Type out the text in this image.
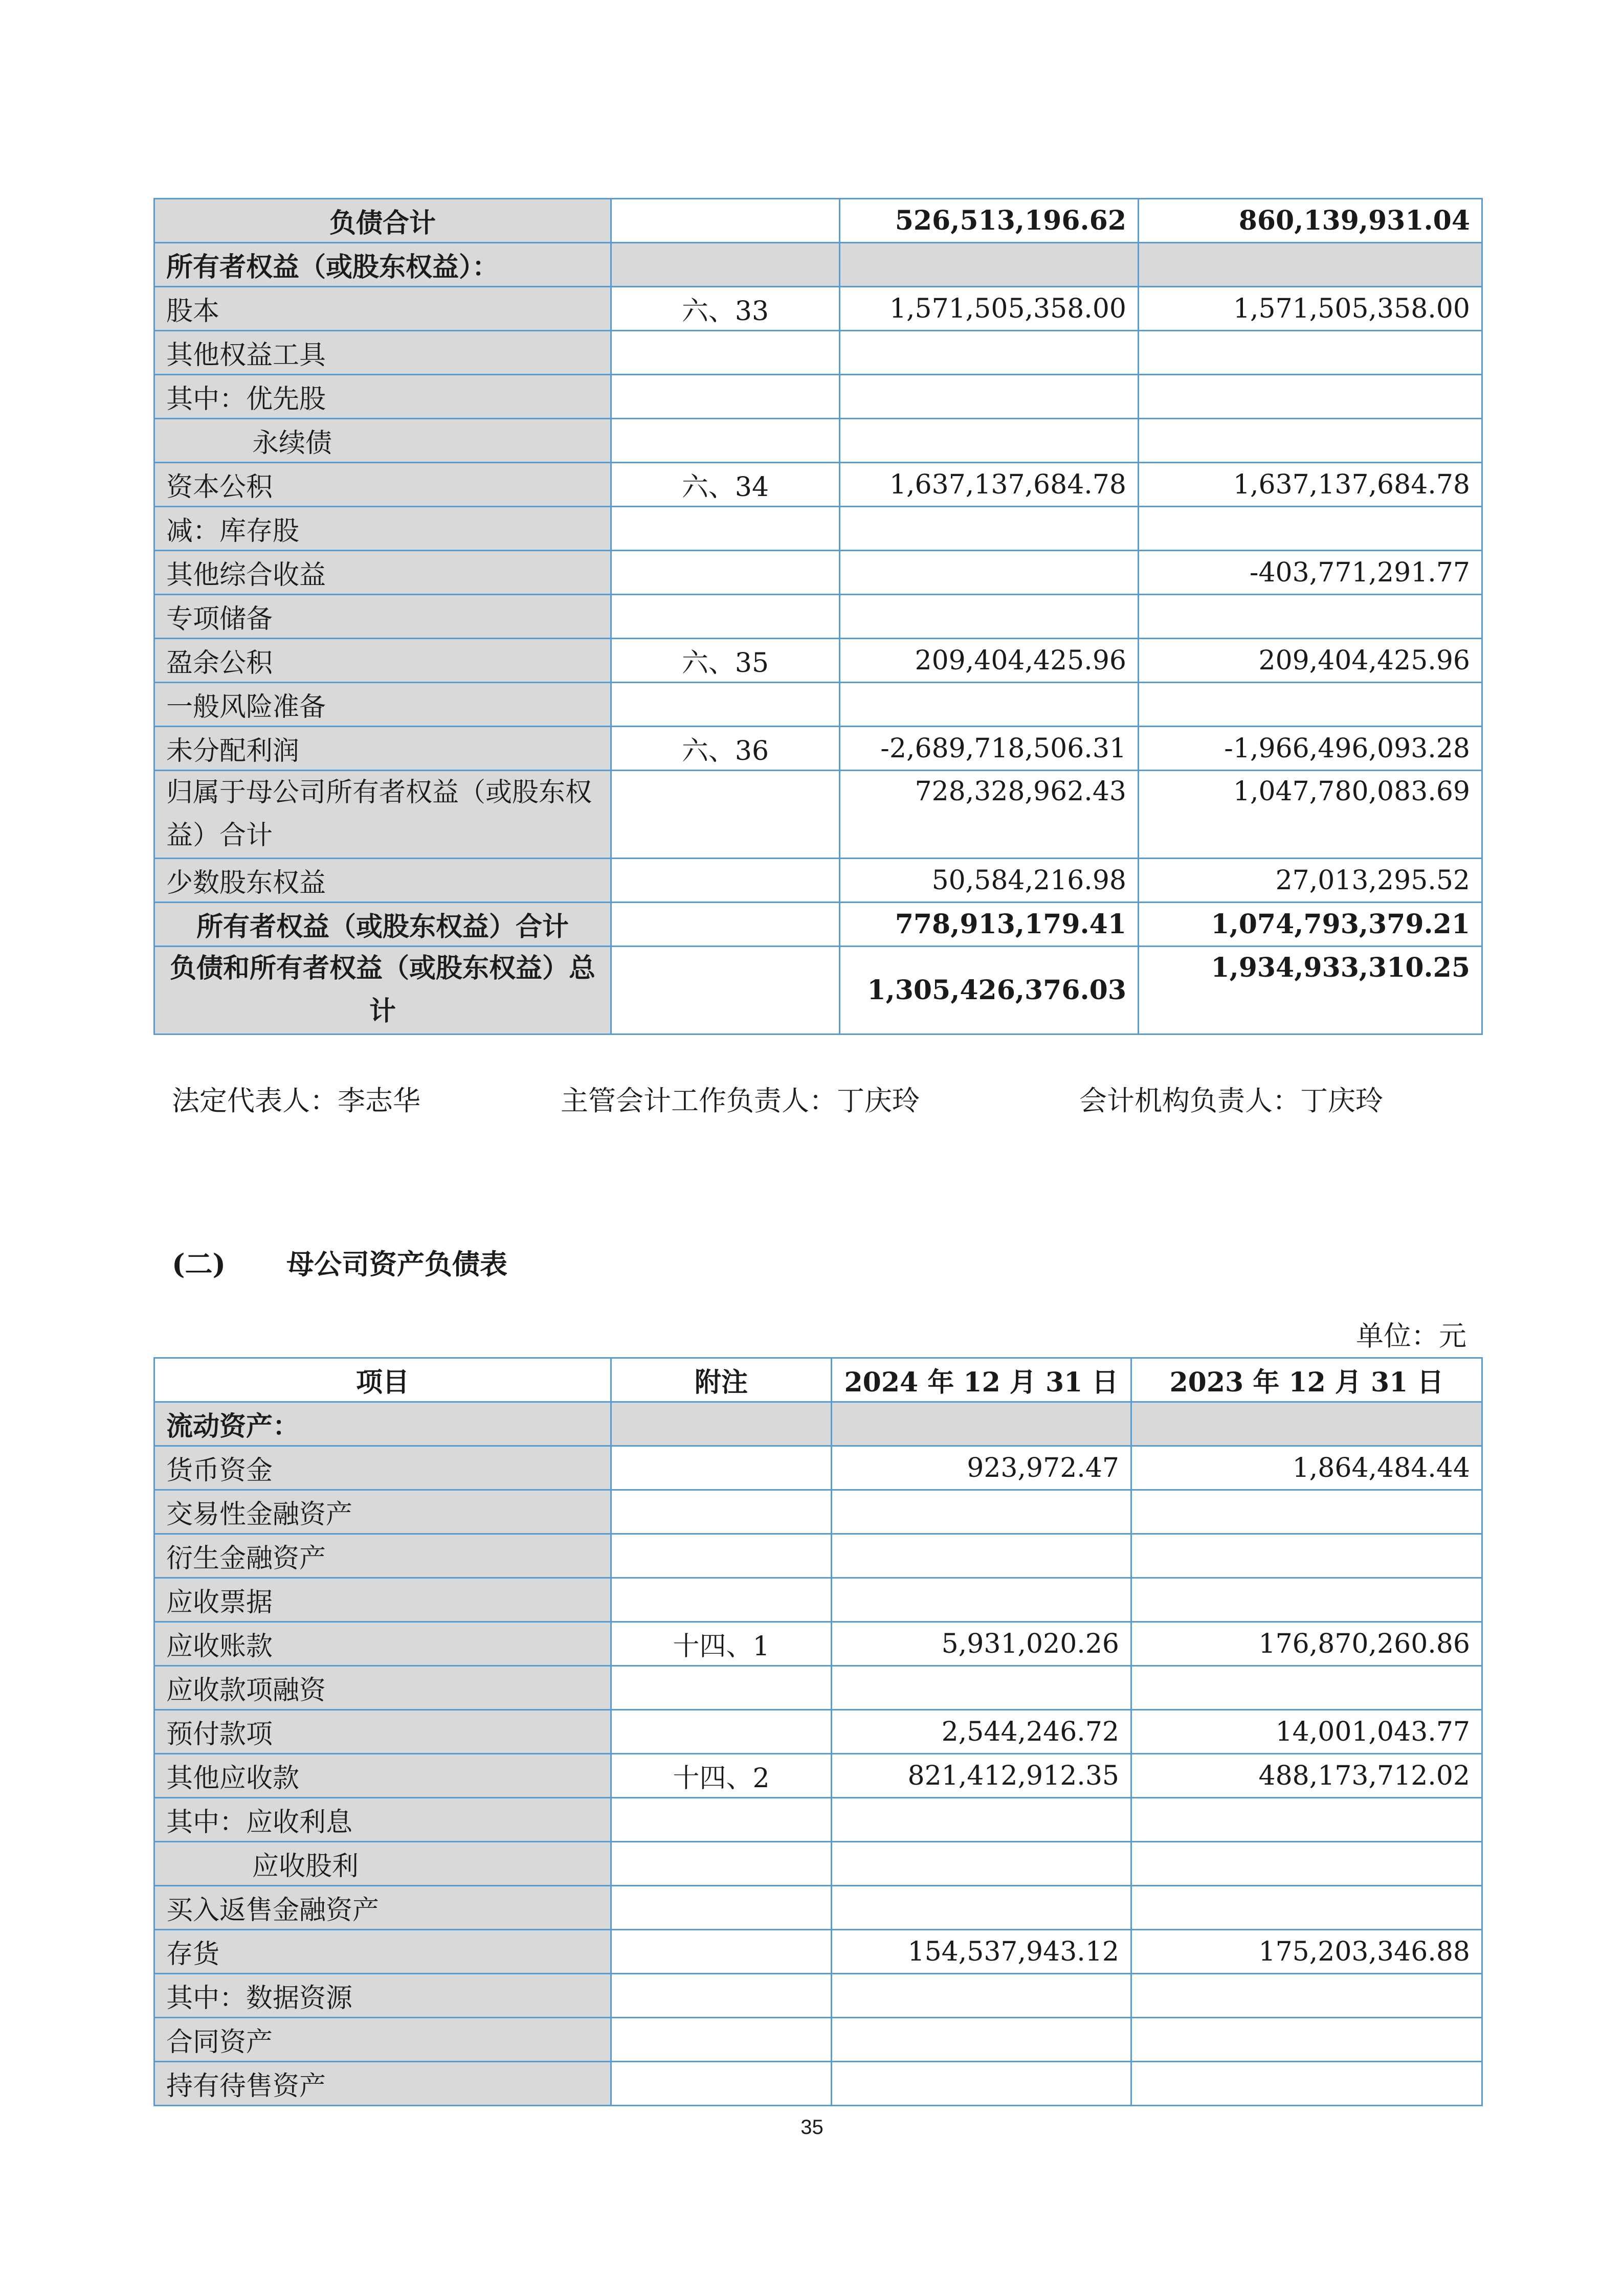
负债合计		526,513,196.62	860,139,931.04
所有者权益（或股东权益）：			
股本	六、33	1,571,505,358.00	1,571,505,358.00
其他权益工具			
其中：优先股			
永续债			
资本公积	六、34	1,637,137,684.78	1,637,137,684.78
减：库存股			
其他综合收益			-403,771,291.77
专项储备			
盈余公积	六、35	209,404,425.96	209,404,425.96
一般风险准备			
未分配利润	六、36	-2,689,718,506.31	-1,966,496,093.28
归属于母公司所有者权益（或股东权益）合计		728,328,962.43	1,047,780,083.69
少数股东权益		50,584,216.98	27,013,295.52
所有者权益（或股东权益）合计		778,913,179.41	1,074,793,379.21
负债和所有者权益（或股东权益）总计		1,305,426,376.03	1,934,933,310.25
法定代表人：李志华	主管会计工作负责人：丁庆玲	会计机构负责人：丁庆玲
(二) 母公司资产负债表
单位：元
项目	附注	2024 年 12 月 31 日	2023 年 12 月 31 日
流动资产：			
货币资金		923,972.47	1,864,484.44
交易性金融资产			
衍生金融资产			
应收票据			
应收账款	十四、1	5,931,020.26	176,870,260.86
应收款项融资			
预付款项		2,544,246.72	14,001,043.77
其他应收款	十四、2	821,412,912.35	488,173,712.02
其中：应收利息			
应收股利			
买入返售金融资产			
存货		154,537,943.12	175,203,346.88
其中：数据资源			
合同资产			
持有待售资产			
35
